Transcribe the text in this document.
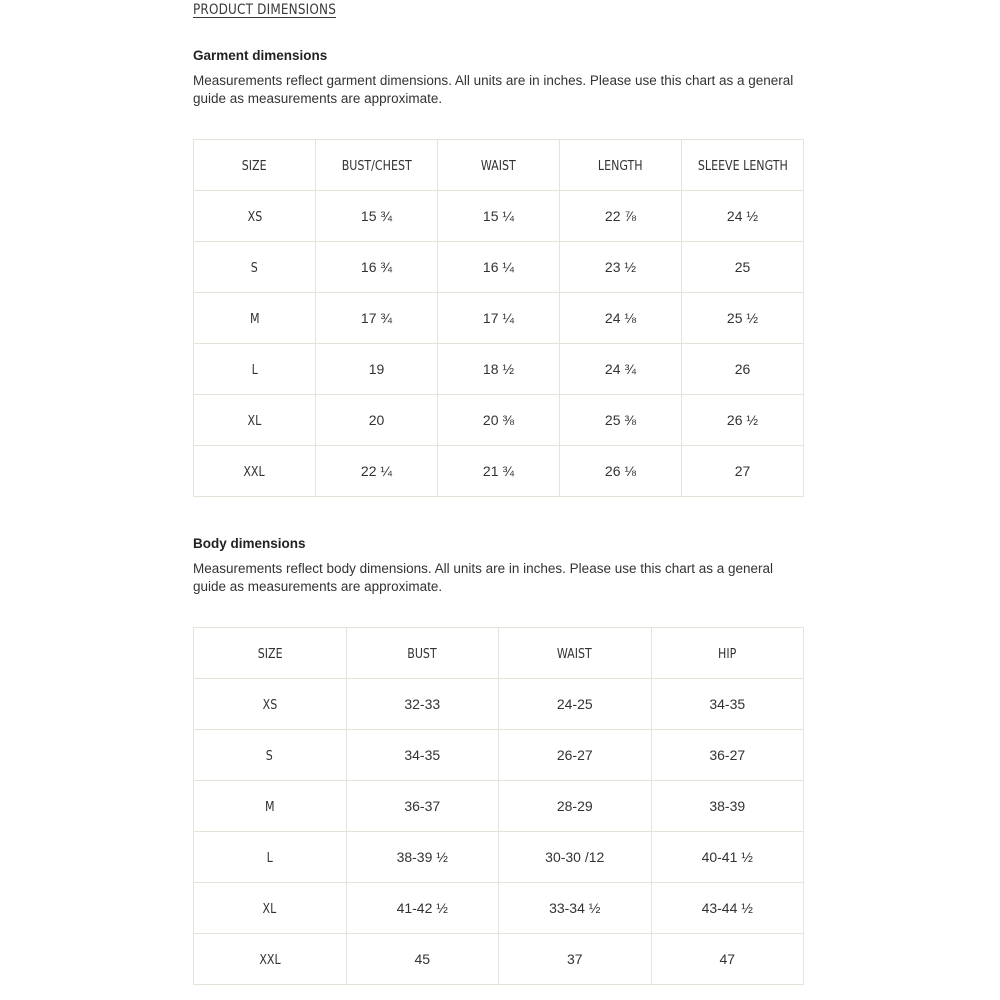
PRODUCT DIMENSIONS
Garment dimensions
Measurements reflect garment dimensions. All units are in inches. Please use this chart as a general guide as measurements are approximate.
SIZE	BUST/CHEST	WAIST	LENGTH	SLEEVE LENGTH
XS	15 ¾	15 ¼	22 ⅞	24 ½
S	16 ¾	16 ¼	23 ½	25
M	17 ¾	17 ¼	24 ⅛	25 ½
L	19	18 ½	24 ¾	26
XL	20	20 ⅜	25 ⅜	26 ½
XXL	22 ¼	21 ¾	26 ⅛	27
Body dimensions
Measurements reflect body dimensions. All units are in inches. Please use this chart as a general guide as measurements are approximate.
SIZE	BUST	WAIST	HIP
XS	32-33	24-25	34-35
S	34-35	26-27	36-27
M	36-37	28-29	38-39
L	38-39 ½	30-30 /12	40-41 ½
XL	41-42 ½	33-34 ½	43-44 ½
XXL	45	37	47
